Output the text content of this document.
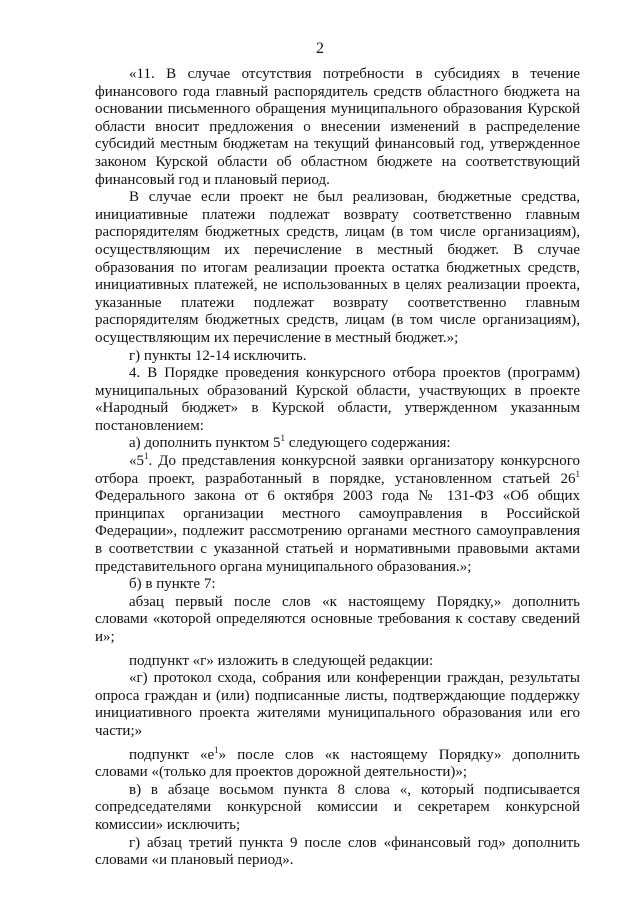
2

«11. В случае отсутствия потребности в субсидиях в течение финансового года главный распорядитель средств областного бюджета на основании письменного обращения муниципального образования Курской области вносит предложения о внесении изменений в распределение субсидий местным бюджетам на текущий финансовый год, утвержденное законом Курской области об областном бюджете на соответствующий финансовый год и плановый период.

В случае если проект не был реализован, бюджетные средства, инициативные платежи подлежат возврату соответственно главным распорядителям бюджетных средств, лицам (в том числе организациям), осуществляющим их перечисление в местный бюджет. В случае образования по итогам реализации проекта остатка бюджетных средств, инициативных платежей, не использованных в целях реализации проекта, указанные платежи подлежат возврату соответственно главным распорядителям бюджетных средств, лицам (в том числе организациям), осуществляющим их перечисление в местный бюджет.»;

г) пункты 12-14 исключить.

4. В Порядке проведения конкурсного отбора проектов (программ) муниципальных образований Курской области, участвующих в проекте «Народный бюджет» в Курской области, утвержденном указанным постановлением:

а) дополнить пунктом $5^1$ следующего содержания:

«$5^1$. До представления конкурсной заявки организатору конкурсного отбора проект, разработанный в порядке, установленном статьей $26^1$ Федерального закона от 6 октября 2003 года № 131-ФЗ «Об общих принципах организации местного самоуправления в Российской Федерации», подлежит рассмотрению органами местного самоуправления в соответствии с указанной статьей и нормативными правовыми актами представительного органа муниципального образования.»;

б) в пункте 7:

абзац первый после слов «к настоящему Порядку,» дополнить словами «которой определяются основные требования к составу сведений и»;

подпункт «г» изложить в следующей редакции:

«г) протокол схода, собрания или конференции граждан, результаты опроса граждан и (или) подписанные листы, подтверждающие поддержку инициативного проекта жителями муниципального образования или его части;»

подпункт «$е^1$» после слов «к настоящему Порядку» дополнить словами «(только для проектов дорожной деятельности)»;

в) в абзаце восьмом пункта 8 слова «, который подписывается сопредседателями конкурсной комиссии и секретарем конкурсной комиссии» исключить;

г) абзац третий пункта 9 после слов «финансовый год» дополнить словами «и плановый период».
